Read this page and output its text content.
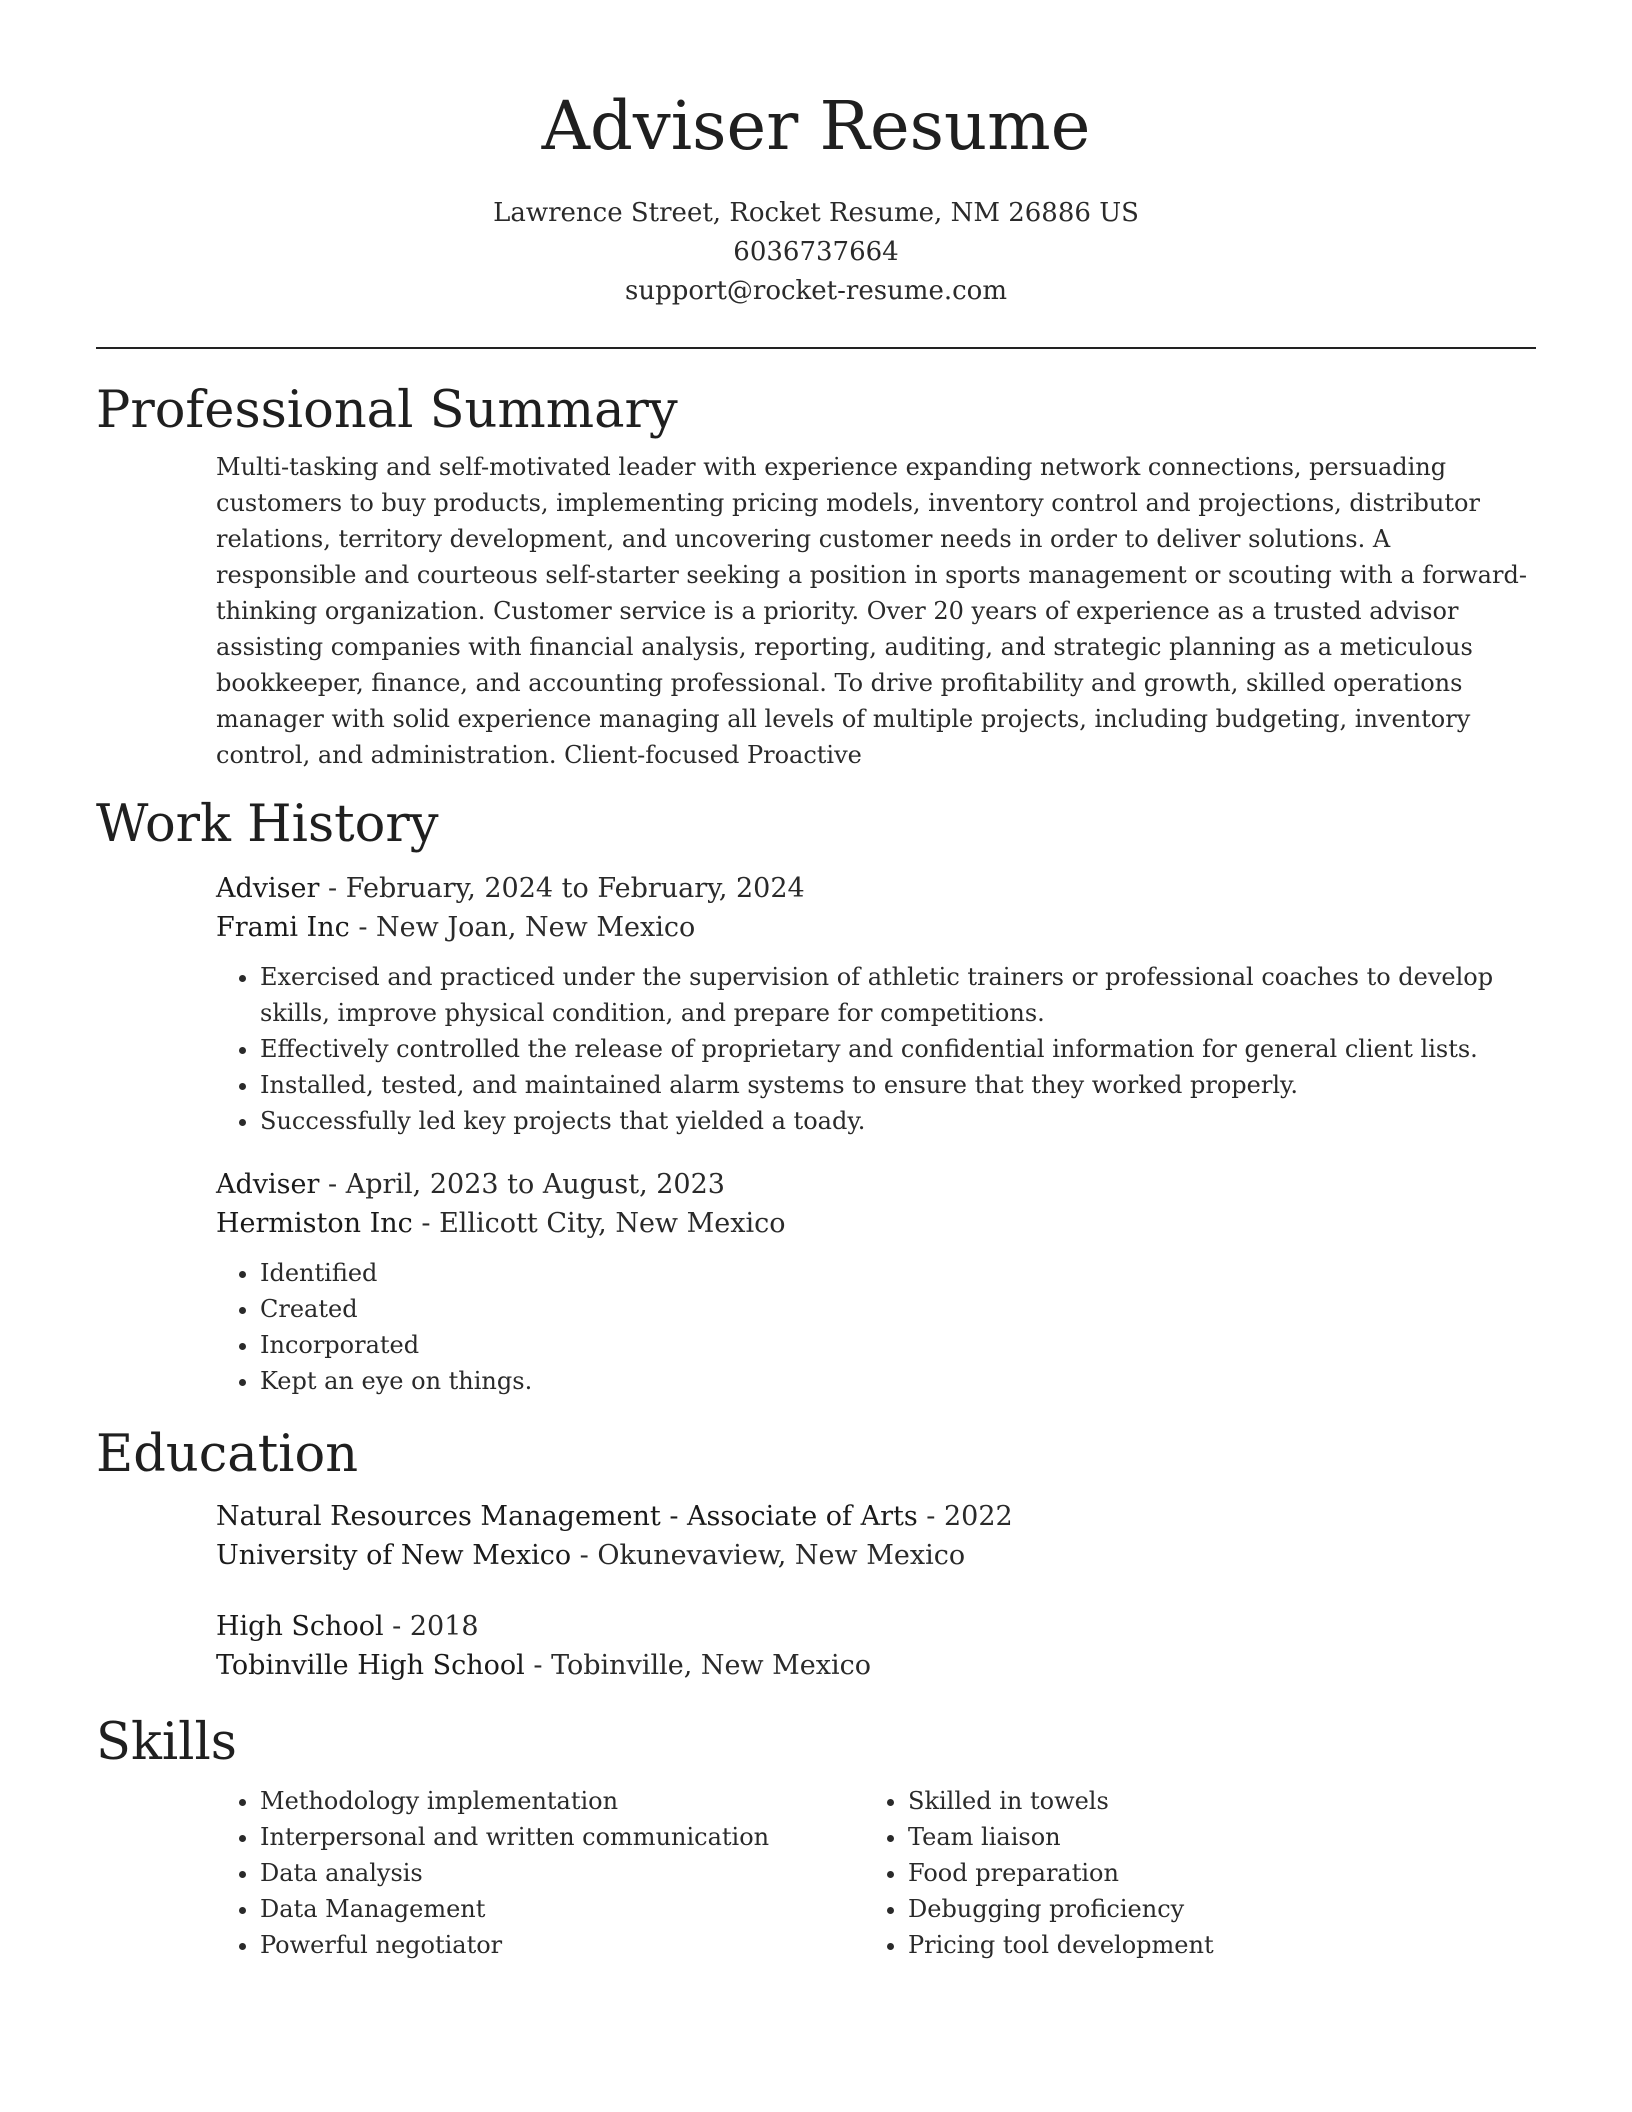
Adviser Resume
Lawrence Street, Rocket Resume, NM 26886 US
6036737664
support@rocket-resume.com
Professional Summary

Multi-tasking and self-motivated leader with experience expanding network connections, persuading customers to buy products, implementing pricing models, inventory control and projections, distributor relations, territory development, and uncovering customer needs in order to deliver solutions. A responsible and courteous self-starter seeking a position in sports management or scouting with a forward-thinking organization. Customer service is a priority. Over 20 years of experience as a trusted advisor assisting companies with financial analysis, reporting, auditing, and strategic planning as a meticulous bookkeeper, finance, and accounting professional. To drive profitability and growth, skilled operations manager with solid experience managing all levels of multiple projects, including budgeting, inventory control, and administration. Client-focused Proactive

Work History
Adviser - February, 2024 to February, 2024
Frami Inc - New Joan, New Mexico
• Exercised and practiced under the supervision of athletic trainers or professional coaches to develop skills, improve physical condition, and prepare for competitions.
• Effectively controlled the release of proprietary and confidential information for general client lists.
• Installed, tested, and maintained alarm systems to ensure that they worked properly.
• Successfully led key projects that yielded a toady.
Adviser - April, 2023 to August, 2023
Hermiston Inc - Ellicott City, New Mexico
• Identified
• Created
• Incorporated
• Kept an eye on things.
Education
Natural Resources Management - Associate of Arts - 2022
University of New Mexico - Okunevaview, New Mexico
High School - 2018
Tobinville High School - Tobinville, New Mexico
Skills
• Methodology implementation
• Interpersonal and written communication
• Data analysis
• Data Management
• Powerful negotiator
• Skilled in towels
• Team liaison
• Food preparation
• Debugging proficiency
• Pricing tool development
